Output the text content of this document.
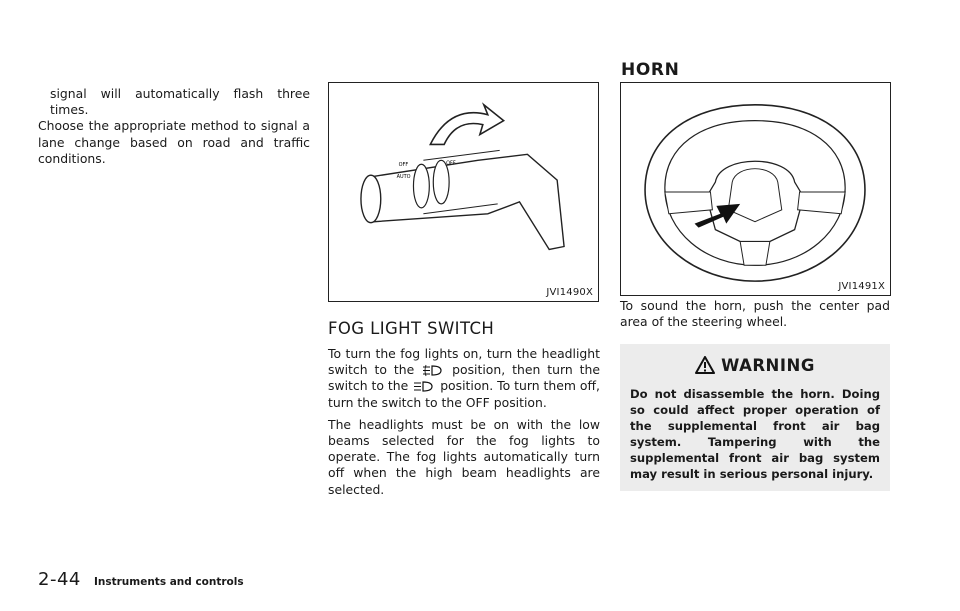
signal will automatically flash three times.

Choose the appropriate method to signal a lane change based on road and traffic conditions.	OFF
AUTO
OFF
JVI1490X
FOG LIGHT SWITCH

To turn the fog lights on, turn the headlight switch to the	position, then turn the switch to the	position. To turn them off, turn the switch to the OFF position.

The headlights must be on with the low beams selected for the fog lights to operate. The fog lights automatically turn off when the high beam headlights are selected.

HORN
JVI1491X

To sound the horn, push the center pad area of the steering wheel.

WARNING

Do not disassemble the horn. Doing so could affect proper operation of the supplemental front air bag system. Tampering with the supplemental front air bag system may result in serious personal injury.

2-44 Instruments and controls
